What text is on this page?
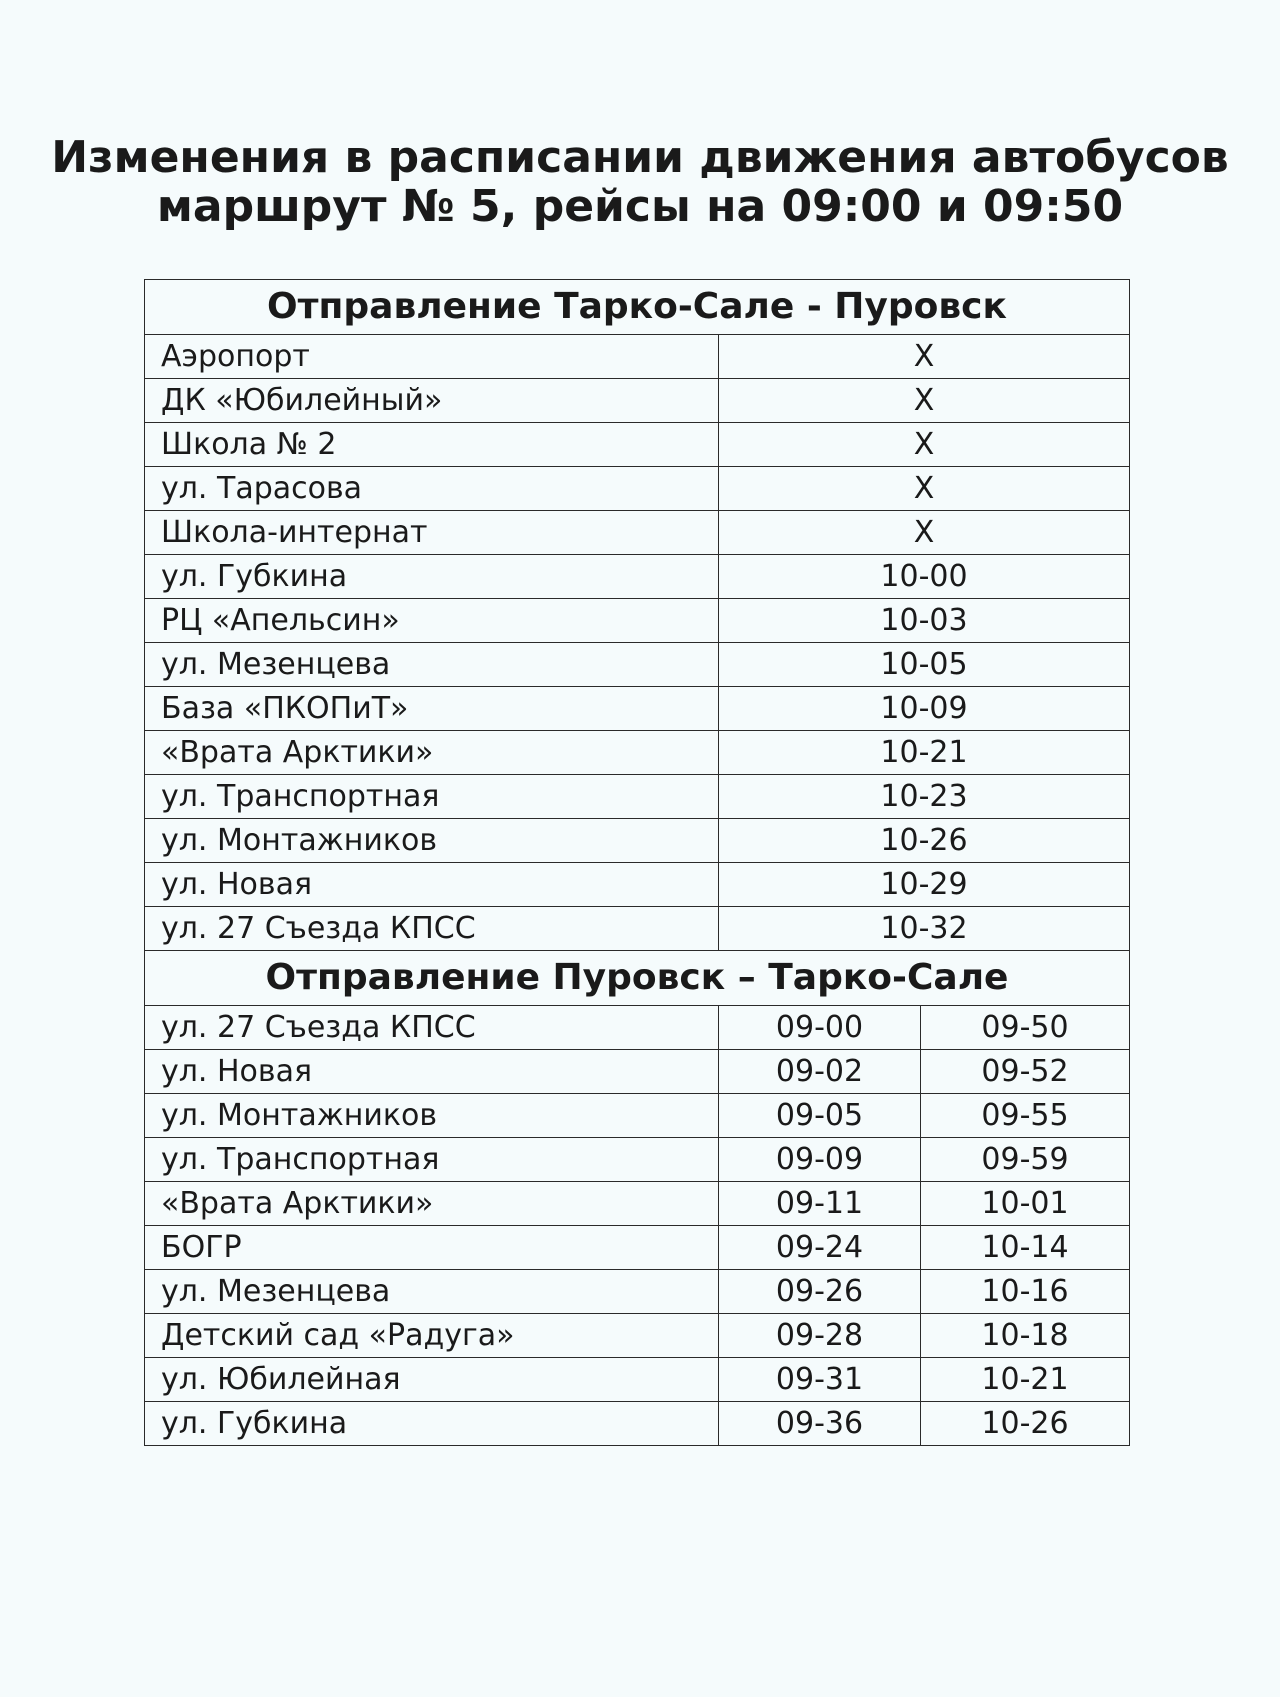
Изменения в расписании движения автобусов
маршрут № 5, рейсы на 09:00 и 09:50
Отправление Тарко-Сале - Пуровск		
Аэропорт	Х	
ДК «Юбилейный»	Х	
Школа № 2	Х	
ул. Тарасова	Х	
Школа-интернат	Х	
ул. Губкина	10-00	
РЦ «Апельсин»	10-03	
ул. Мезенцева	10-05	
База «ПКОПиТ»	10-09	
«Врата Арктики»	10-21	
ул. Транспортная	10-23	
ул. Монтажников	10-26	
ул. Новая	10-29	
ул. 27 Съезда КПСС	10-32	
Отправление Пуровск – Тарко-Сале		
ул. 27 Съезда КПСС	09-00	09-50
ул. Новая	09-02	09-52
ул. Монтажников	09-05	09-55
ул. Транспортная	09-09	09-59
«Врата Арктики»	09-11	10-01
БОГР	09-24	10-14
ул. Мезенцева	09-26	10-16
Детский сад «Радуга»	09-28	10-18
ул. Юбилейная	09-31	10-21
ул. Губкина	09-36	10-26
